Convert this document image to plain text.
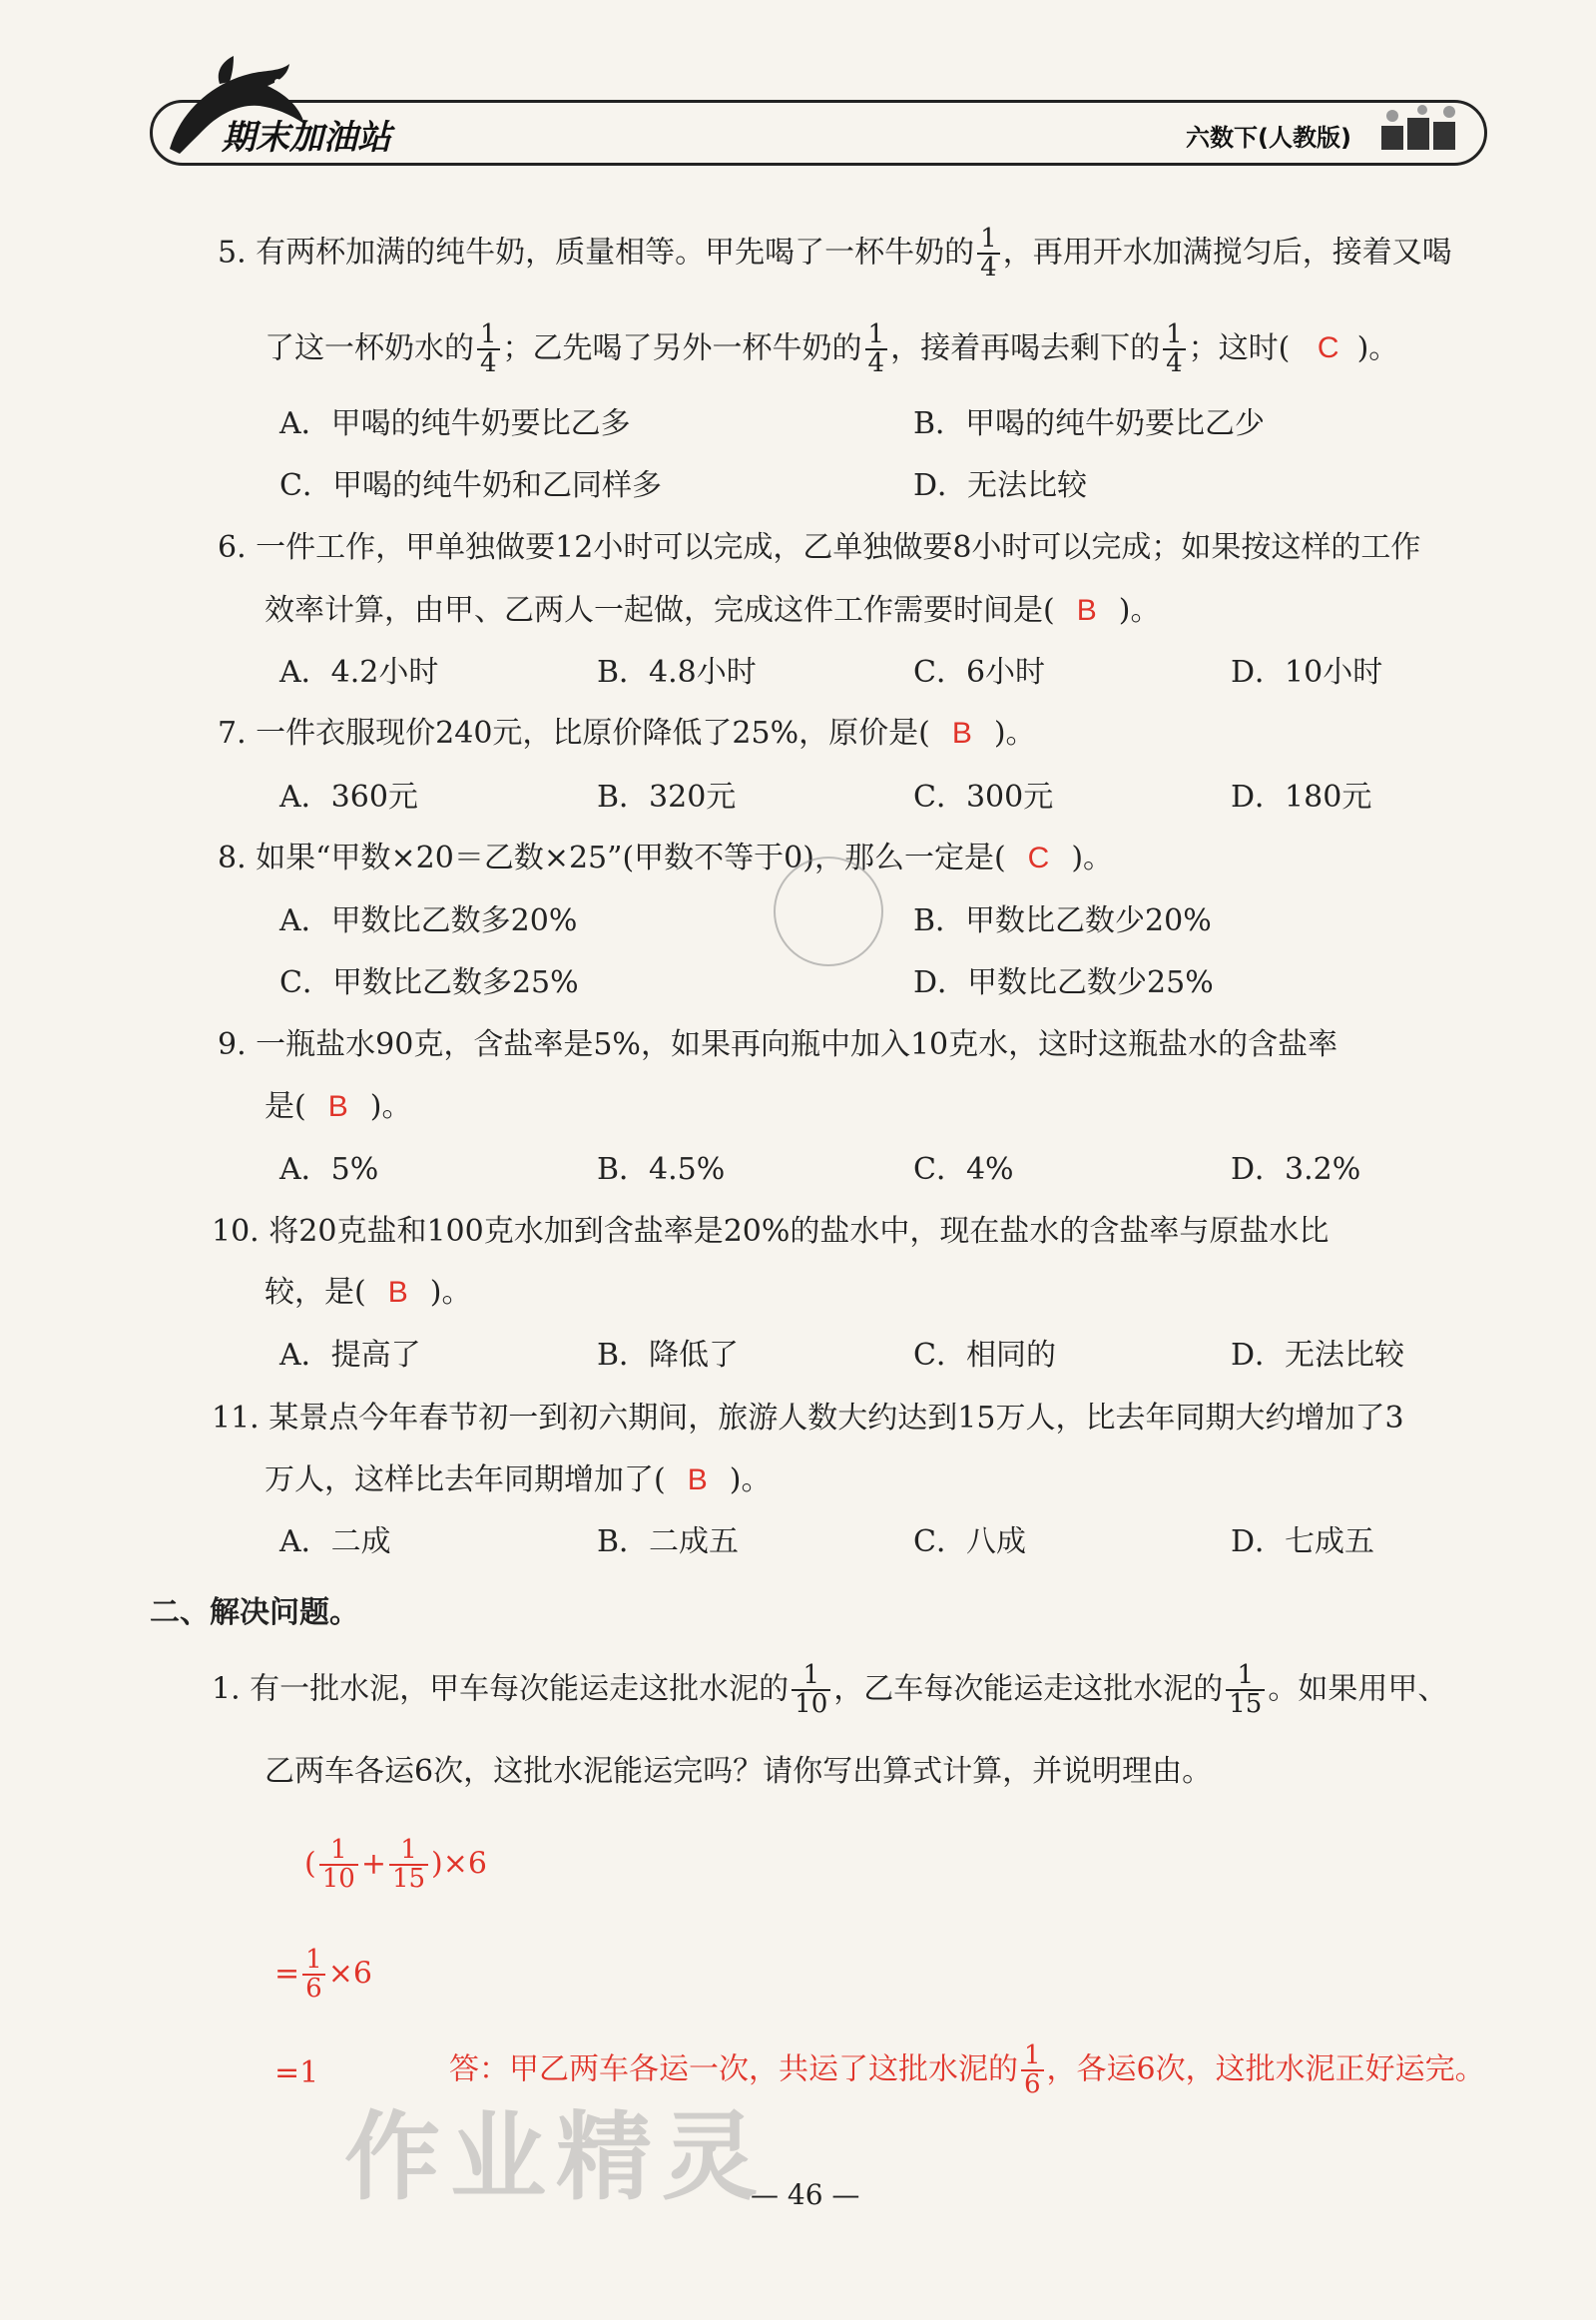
期末加油站	六数下(人教版)
5. 有两杯加满的纯牛奶，质量相等。甲先喝了一杯牛奶的 $\frac{1}{4}$ ，再用开水加满搅匀后，接着又喝
了这一杯奶水的 $\frac{1}{4}$ ；乙先喝了另外一杯牛奶的 $\frac{1}{4}$ ，接着再喝去剩下的 $\frac{1}{4}$ ；这时( C )。
A．甲喝的纯牛奶要比乙多	B．甲喝的纯牛奶要比乙少
C．甲喝的纯牛奶和乙同样多	D．无法比较
6. 一件工作，甲单独做要12小时可以完成，乙单独做要8小时可以完成；如果按这样的工作
效率计算，由甲、乙两人一起做，完成这件工作需要时间是( B )。
A．4.2小时	B．4.8小时	C．6小时	D．10小时
7. 一件衣服现价240元，比原价降低了25%，原价是( B )。
A．360元	B．320元	C．300元	D．180元
8. 如果“甲数×20＝乙数×25”(甲数不等于0)，那么一定是( C )。
A．甲数比乙数多20%	B．甲数比乙数少20%
C．甲数比乙数多25%	D．甲数比乙数少25%
9. 一瓶盐水90克，含盐率是5%，如果再向瓶中加入10克水，这时这瓶盐水的含盐率
是( B )。
A．5%	B．4.5%	C．4%	D．3.2%
10. 将20克盐和100克水加到含盐率是20%的盐水中，现在盐水的含盐率与原盐水比
较，是( B )。
A．提高了	B．降低了	C．相同的	D．无法比较
11. 某景点今年春节初一到初六期间，旅游人数大约达到15万人，比去年同期大约增加了3
万人，这样比去年同期增加了( B )。
A．二成	B．二成五	C．八成	D．七成五
作业精灵
二、解决问题。
1. 有一批水泥，甲车每次能运走这批水泥的 $\frac{1}{10}$ ，乙车每次能运走这批水泥的 $\frac{1}{15}$ 。如果用甲、
乙两车各运6次，这批水泥能运完吗？请你写出算式计算，并说明理由。
( $\frac{1}{10} + \frac{1}{15} )\times 6$
= $\frac{1}{6} \times 6$
=1	答：甲乙两车各运一次，共运了这批水泥的 $\frac{1}{6}$ ，各运6次，这批水泥正好运完。
— 46 —
